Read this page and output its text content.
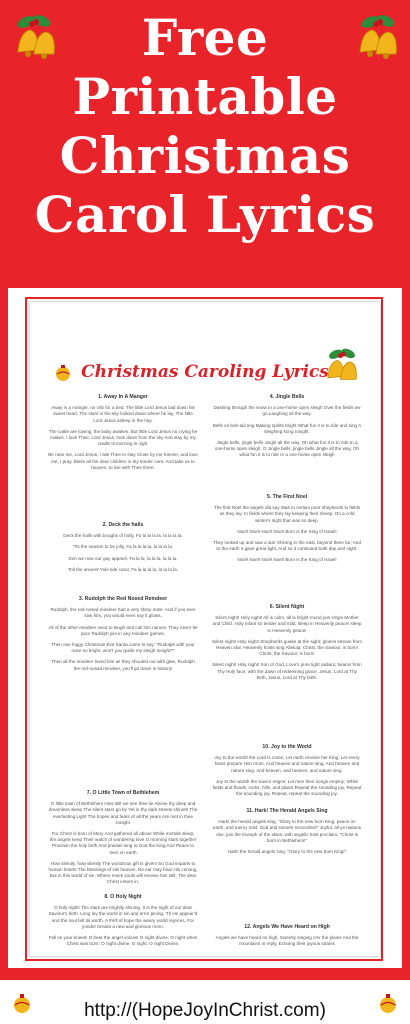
Free
Printable
Christmas
Carol Lyrics
Christmas Caroling Lyrics
1. Away In A Manger

Away in a manger, no crib for a bed. The little Lord Jesus laid down his sweet head. The stars in the sky looked down where he lay, The little Lord Jesus asleep in the hay.

The cattle are lowing, the baby awakes, But little Lord Jesus no crying he makes. I love Thee, Lord Jesus, look down from the sky And stay by my cradle til morning is nigh.

Be near me, Lord Jesus, I ask Thee to stay Close by me forever, and love me, I pray. Bless all the dear children in thy tender care, And take us to heaven, to live with Thee there.

2. Deck the halls

Deck the halls with boughs of holly, Fa la la la la, la la la la.

'Tis the season to be jolly, Fa la la la la, la la la la.

Don we now our gay apparel, Fa la la, la la la, la la la.

Toll the ancient Yule tide carol, Fa la la la la, la la la la.

3. Rudolph the Red Nosed Reindeer

Rudolph, the red-nosed reindeer had a very shiny nose. And if you ever saw him, you would even say it glows.

All of the other reindeer used to laugh and call him names. They never let poor Rudolph join in any reindeer games.

Then one foggy Christmas Eve Santa came to say: "Rudolph with your nose so bright, won't you guide my sleigh tonight?"

Then all the reindeer loved him as they shouted out with glee, Rudolph the red-nosed reindeer, you'll go down in history!

7. O Little Town of Bethlehem

O little town of Bethlehem How still we see thee lie Above thy deep and dreamless sleep The silent stars go by Yet in thy dark streets shineth The everlasting Light The hopes and fears of all the years Are met in thee tonight

For Christ is born of Mary And gathered all above While mortals sleep, the angels keep Their watch of wondering love O morning stars together Proclaim the holy birth And praises sing to God the King And Peace to men on earth

How silently, how silently The wondrous gift is given! So God imparts to human hearts The blessings of His heaven. No ear may hear His coming, But in this world of sin, Where meek souls will receive him still, The dear Christ enters in.

8. O Holy Night

O holy night! The stars are brightly shining, It is the night of our dear Saviour's birth. Long lay the world in sin and error pining, 'Til He appear'd and the soul felt its worth. A thrill of hope the weary world rejoices, For yonder breaks a new and glorious morn.

Fall on your knees! O hear the angel voices! O night divine, O night when Christ was born; O night divine, O night, O night Divine.

4. Jingle Bells

Dashing through the snow In a one-horse open sleigh Over the fields we go Laughing all the way.

Bells on bob-tail ring Making spirits bright What fun it is to ride and sing A sleighing song tonight.

Jingle bells, jingle bells Jingle all the way, Oh what fun it is to ride In a one-horse open sleigh. O Jingle bells, jingle bells Jingle all the way, Oh what fun it is to ride In a one-horse open sleigh

5. The First Noel

The first Noel the angels did say Was to certain poor shepherds in fields as they lay: In fields where they lay keeping their sheep, On a cold winter's night that was so deep.

Noel! Noel! Noel! Noel! Born is the King of Israel!

They looked up and saw a star Shining in the east, beyond them far; And to the earth it gave great light, And so it continued both day and night.

Noel! Noel! Noel! Noel! Born is the King of Israel!

6. Silent Night

Silent night! Holy night! All is calm, all is bright round yon Virgin Mother and Child. Holy infant so tender and mild, sleep in Heavenly peace! sleep in Heavenly peace!

Silent night! Holy night! Shepherds quake at the sight; glories stream from Heaven afar, Heavenly hosts sing Alleluia, Christ, the Saviour, is born! Christ, the Saviour, is born!

Silent night! Holy night! Son of God, Love's pure light radiant, beams from Thy Holy face, with the dawn of redeeming grace, Jesus, Lord at Thy birth, Jesus, Lord at Thy birth.

10. Joy to the World

Joy to the world! the Lord is come; Let earth receive her King; Let every heart prepare Him room, And heaven and nature sing, And heaven and nature sing, And heaven, and heaven, and nature sing.

Joy to the world! the Savior reigns; Let men their songs employ; While fields and floods, rocks, hills, and plains Repeat the sounding joy, Repeat the sounding joy, Repeat, repeat the sounding joy.

11. Hark! The Herald Angels Sing

Hark! the herald angels sing, "Glory to the new born King, peace on earth, and mercy mild, God and sinners reconciled!" Joyful, all ye nations rise, join the triumph of the skies; with angelic host proclaim, "Christ is born in Bethlehem!"

Hark! the herald angels sing, "Glory to the new born King!"

12. Angels We Have Heard on High

Angels we have heard on high, Sweetly singing o'er the plains And the mountains in reply, Echoing their joyous strains

http://(HopeJoyInChrist.com)
